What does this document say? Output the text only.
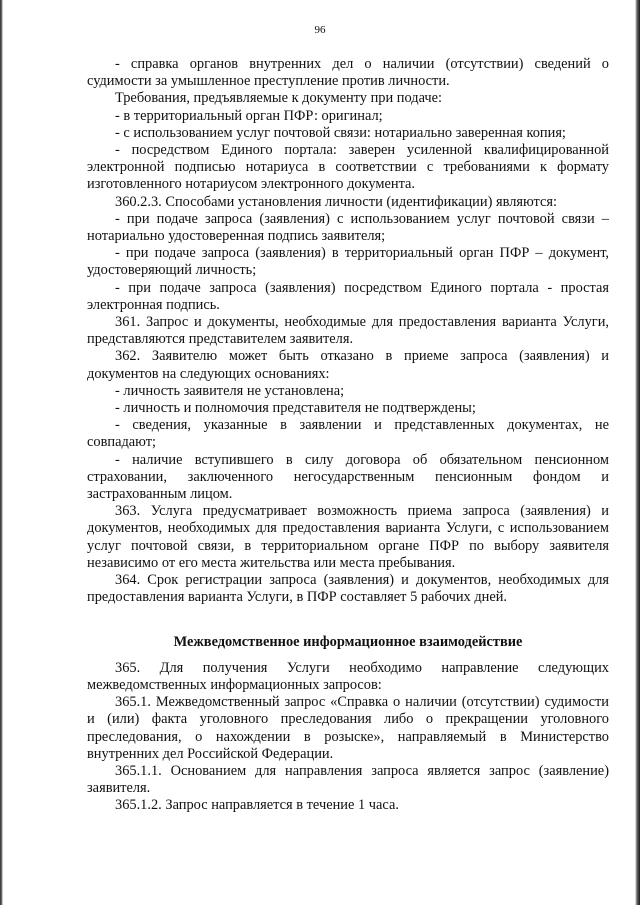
96

- справка органов внутренних дел о наличии (отсутствии) сведений о судимости за умышленное преступление против личности.

Требования, предъявляемые к документу при подаче:

- в территориальный орган ПФР: оригинал;

- с использованием услуг почтовой связи: нотариально заверенная копия;

- посредством Единого портала: заверен усиленной квалифицированной электронной подписью нотариуса в соответствии с требованиями к формату изготовленного нотариусом электронного документа.

360.2.3. Способами установления личности (идентификации) являются:

- при подаче запроса (заявления) с использованием услуг почтовой связи – нотариально удостоверенная подпись заявителя;

- при подаче запроса (заявления) в территориальный орган ПФР – документ, удостоверяющий личность;

- при подаче запроса (заявления) посредством Единого портала - простая электронная подпись.

361. Запрос и документы, необходимые для предоставления варианта Услуги, представляются представителем заявителя.

362. Заявителю может быть отказано в приеме запроса (заявления) и документов на следующих основаниях:

- личность заявителя не установлена;

- личность и полномочия представителя не подтверждены;

- сведения, указанные в заявлении и представленных документах, не совпадают;

- наличие вступившего в силу договора об обязательном пенсионном страховании, заключенного негосударственным пенсионным фондом и застрахованным лицом.

363. Услуга предусматривает возможность приема запроса (заявления) и документов, необходимых для предоставления варианта Услуги, с использованием услуг почтовой связи, в территориальном органе ПФР по выбору заявителя независимо от его места жительства или места пребывания.

364. Срок регистрации запроса (заявления) и документов, необходимых для предоставления варианта Услуги, в ПФР составляет 5 рабочих дней.

Межведомственное информационное взаимодействие

365. Для получения Услуги необходимо направление следующих межведомственных информационных запросов:

365.1. Межведомственный запрос «Справка о наличии (отсутствии) судимости и (или) факта уголовного преследования либо о прекращении уголовного преследования, о нахождении в розыске», направляемый в Министерство внутренних дел Российской Федерации.

365.1.1. Основанием для направления запроса является запрос (заявление) заявителя.

365.1.2. Запрос направляется в течение 1 часа.
